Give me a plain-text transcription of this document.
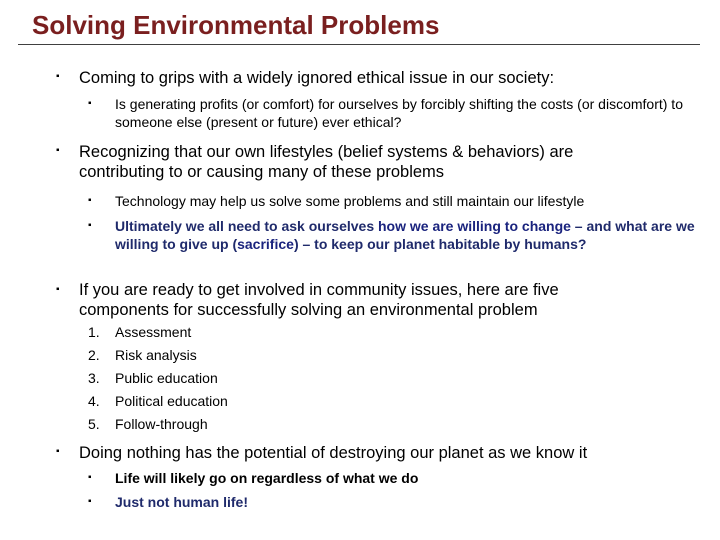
Solving Environmental Problems
▪ Coming to grips with a widely ignored ethical issue in our society:
▪ Is generating profits (or comfort) for ourselves by forcibly shifting the costs (or discomfort) to someone else (present or future) ever ethical?
▪ Recognizing that our own lifestyles (belief systems & behaviors) are contributing to or causing many of these problems
▪ Technology may help us solve some problems and still maintain our lifestyle
▪ Ultimately we all need to ask ourselves how we are willing to change – and what are we willing to give up (sacrifice) – to keep our planet habitable by humans?
▪ If you are ready to get involved in community issues, here are five components for successfully solving an environmental problem
1. Assessment
2. Risk analysis
3. Public education
4. Political education
5. Follow-through
▪ Doing nothing has the potential of destroying our planet as we know it
▪ Life will likely go on regardless of what we do
▪ Just not human life!
